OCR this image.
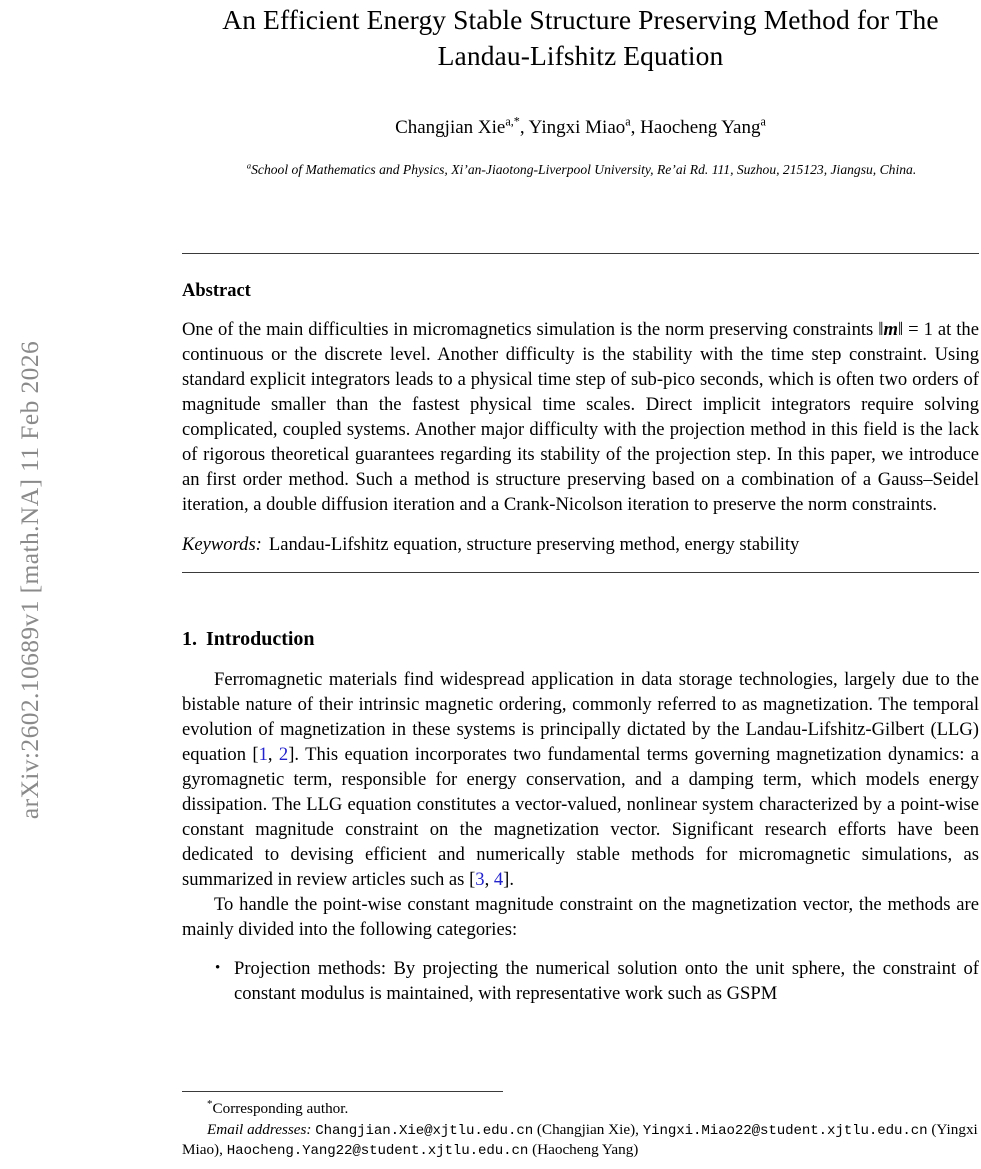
arXiv:2602.10689v1 [math.NA] 11 Feb 2026
An Efficient Energy Stable Structure Preserving Method for The Landau-Lifshitz Equation

Changjian Xie$^{a,*}$, Yingxi Miao$^a$, Haocheng Yang$^a$

$^a$School of Mathematics and Physics, Xi’an-Jiaotong-Liverpool University, Re’ai Rd. 111, Suzhou, 215123, Jiangsu, China.

Abstract

One of the main difficulties in micromagnetics simulation is the norm preserving constraints ‖m‖ = 1 at the continuous or the discrete level. Another difficulty is the stability with the time step constraint. Using standard explicit integrators leads to a physical time step of sub-pico seconds, which is often two orders of magnitude smaller than the fastest physical time scales. Direct implicit integrators require solving complicated, coupled systems. Another major difficulty with the projection method in this field is the lack of rigorous theoretical guarantees regarding its stability of the projection step. In this paper, we introduce an first order method. Such a method is structure preserving based on a combination of a Gauss–Seidel iteration, a double diffusion iteration and a Crank-Nicolson iteration to preserve the norm constraints.

Keywords: Landau-Lifshitz equation, structure preserving method, energy stability

1. Introduction

Ferromagnetic materials find widespread application in data storage technologies, largely due to the bistable nature of their intrinsic magnetic ordering, commonly referred to as magnetization. The temporal evolution of magnetization in these systems is principally dictated by the Landau-Lifshitz-Gilbert (LLG) equation [1, 2]. This equation incorporates two fundamental terms governing magnetization dynamics: a gyromagnetic term, responsible for energy conservation, and a damping term, which models energy dissipation. The LLG equation constitutes a vector-valued, nonlinear system characterized by a point-wise constant magnitude constraint on the magnetization vector. Significant research efforts have been dedicated to devising efficient and numerically stable methods for micromagnetic simulations, as summarized in review articles such as [3, 4].

To handle the point-wise constant magnitude constraint on the magnetization vector, the methods are mainly divided into the following categories:

• Projection methods: By projecting the numerical solution onto the unit sphere, the constraint of constant modulus is maintained, with representative work such as GSPM

*Corresponding author.

Email addresses: Changjian.Xie@xjtlu.edu.cn (Changjian Xie), Yingxi.Miao22@student.xjtlu.edu.cn (Yingxi Miao), Haocheng.Yang22@student.xjtlu.edu.cn (Haocheng Yang)
